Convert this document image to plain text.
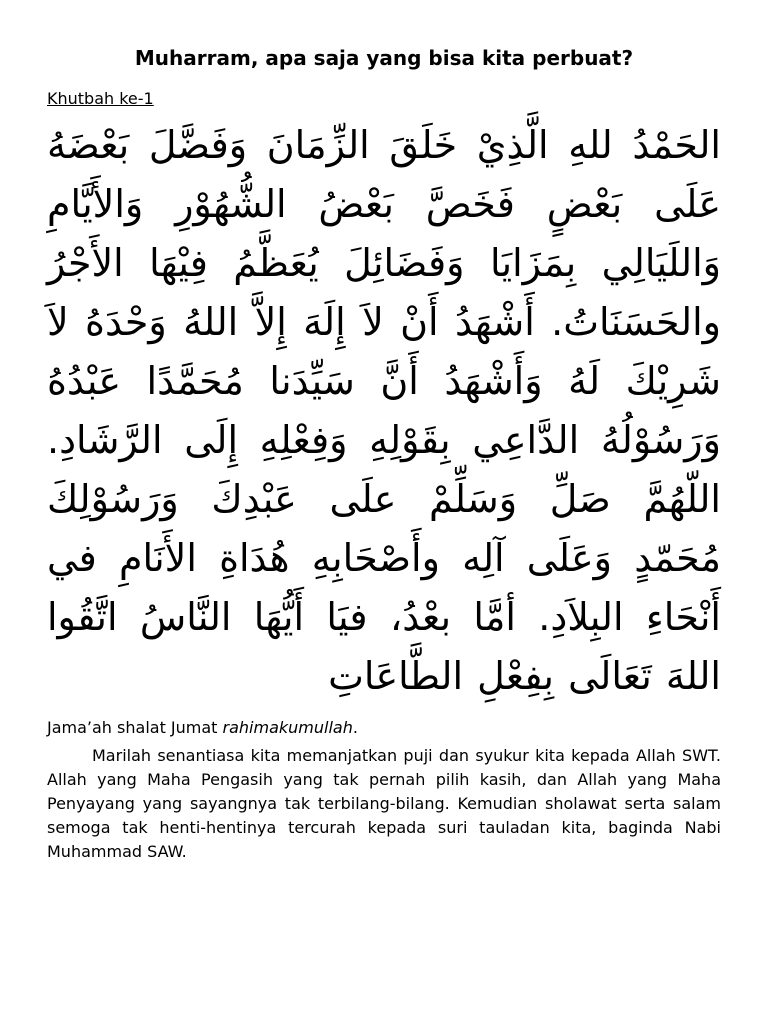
Muharram, apa saja yang bisa kita perbuat?
Khutbah ke-1

الحَمْدُ للهِ الَّذِيْ خَلَقَ الزِّمَانَ وَفَضَّلَ بَعْضَهُ عَلَى بَعْضٍ فَخَصَّ بَعْضُ الشُّهُوْرِ وَالأَيَّامِ وَاللَيَالِي بِمَزَايَا وَفَضَائِلَ يُعَظَّمُ فِيْهَا الأَجْرُ والحَسَنَاتُ. أَشْهَدُ أَنْ لاَ إِلَهَ إِلاَّ اللهُ وَحْدَهُ لاَ شَرِيْكَ لَهُ وَأَشْهَدُ أَنَّ سَيِّدَنا مُحَمَّدًا عَبْدُهُ وَرَسُوْلُهُ الدَّاعِي بِقَوْلِهِ وَفِعْلِهِ إِلَى الرَّشَادِ. اللّهُمَّ صَلِّ وَسَلِّمْ علَى عَبْدِكَ وَرَسُوْلِكَ مُحَمّدٍ وَعَلَى آلِه وأَصْحَابِهِ هُدَاةِ الأَنَامِ في أَنْحَاءِ البِلاَدِ. أمَّا بعْدُ، فيَا أَيُّهَا النَّاسُ اتَّقُوا اللهَ تَعَالَى بِفِعْلِ الطَّاعَاتِ

Jama’ah shalat Jumat rahimakumullah.

Marilah senantiasa kita memanjatkan puji dan syukur kita kepada Allah SWT. Allah yang Maha Pengasih yang tak pernah pilih kasih, dan Allah yang Maha Penyayang yang sayangnya tak terbilang-bilang. Kemudian sholawat serta salam semoga tak henti-hentinya tercurah kepada suri tauladan kita, baginda Nabi Muhammad SAW.
